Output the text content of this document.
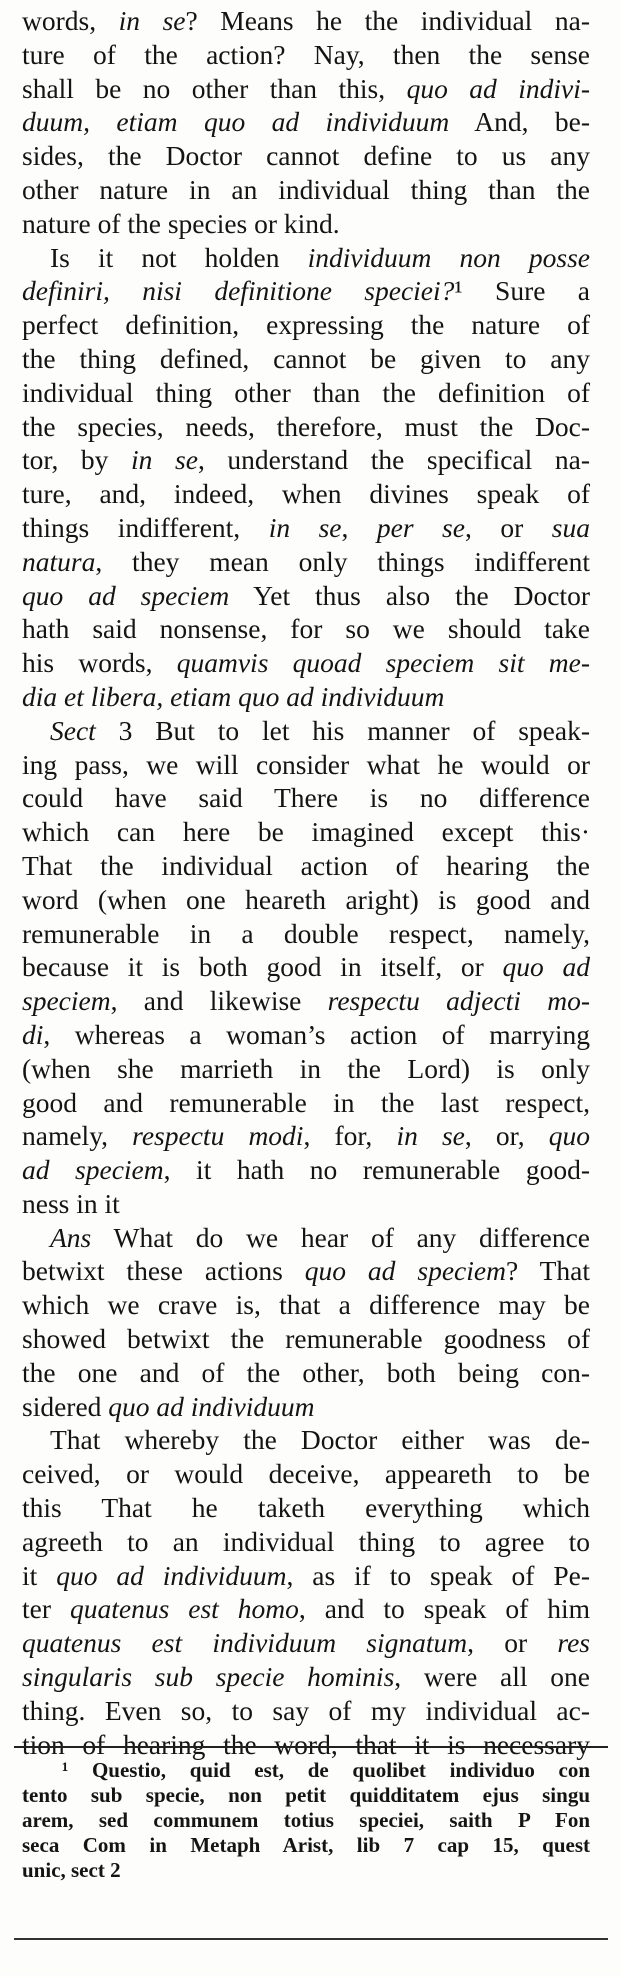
words, in se? Means he the individual na-
ture of the action? Nay, then the sense
shall be no other than this, quo ad indivi-
duum, etiam quo ad individuum And, be-
sides, the Doctor cannot define to us any
other nature in an individual thing than the
nature of the species or kind.
Is it not holden individuum non posse
definiri, nisi definitione speciei?¹ Sure a
perfect definition, expressing the nature of
the thing defined, cannot be given to any
individual thing other than the definition of
the species, needs, therefore, must the Doc-
tor, by in se, understand the specifical na-
ture, and, indeed, when divines speak of
things indifferent, in se, per se, or sua
natura, they mean only things indifferent
quo ad speciem Yet thus also the Doctor
hath said nonsense, for so we should take
his words, quamvis quoad speciem sit me-
dia et libera, etiam quo ad individuum
Sect 3 But to let his manner of speak-
ing pass, we will consider what he would or
could have said There is no difference
which can here be imagined except this·
That the individual action of hearing the
word (when one heareth aright) is good and
remunerable in a double respect, namely,
because it is both good in itself, or quo ad
speciem, and likewise respectu adjecti mo-
di, whereas a woman’s action of marrying
(when she marrieth in the Lord) is only
good and remunerable in the last respect,
namely, respectu modi, for, in se, or, quo
ad speciem, it hath no remunerable good-
ness in it
Ans What do we hear of any difference
betwixt these actions quo ad speciem? That
which we crave is, that a difference may be
showed betwixt the remunerable goodness of
the one and of the other, both being con-
sidered quo ad individuum
That whereby the Doctor either was de-
ceived, or would deceive, appeareth to be
this That he taketh everything which
agreeth to an individual thing to agree to
it quo ad individuum, as if to speak of Pe-
ter quatenus est homo, and to speak of him
quatenus est individuum signatum, or res
singularis sub specie hominis, were all one
thing. Even so, to say of my individual ac-
tion of hearing the word, that it is necessary
¹ Questio, quid est, de quolibet individuo con
tento sub specie, non petit quidditatem ejus singu
arem, sed communem totius speciei, saith P Fon
seca Com in Metaph Arist, lib 7 cap 15, quest
unic, sect 2
